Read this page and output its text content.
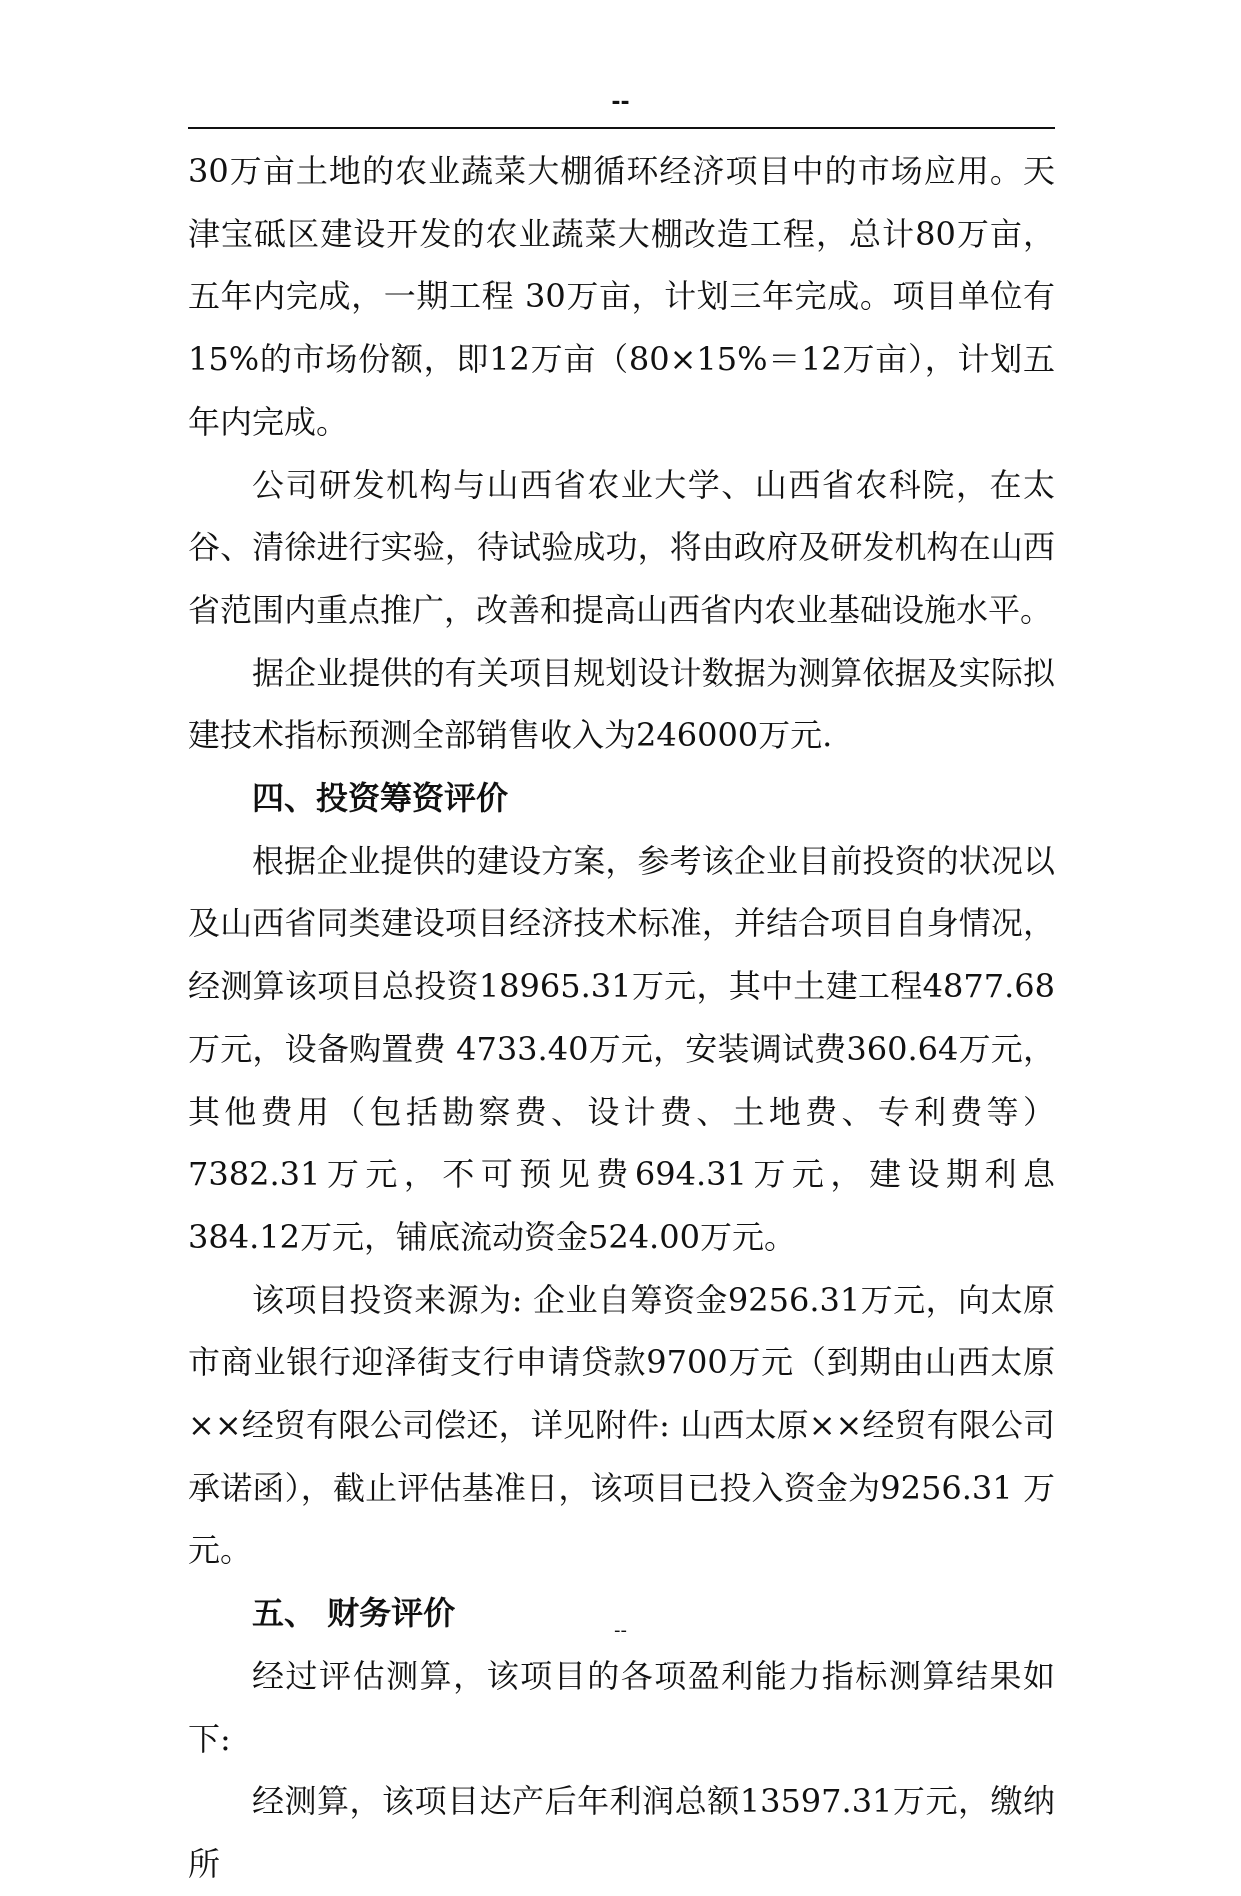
--

30万亩土地的农业蔬菜大棚循环经济项目中的市场应用。天津宝砥区建设开发的农业蔬菜大棚改造工程，总计80万亩，五年内完成，一期工程 30万亩，计划三年完成。项目单位有15%的市场份额，即12万亩（80×15%＝12万亩），计划五年内完成。

公司研发机构与山西省农业大学、山西省农科院，在太谷、清徐进行实验，待试验成功，将由政府及研发机构在山西省范围内重点推广，改善和提高山西省内农业基础设施水平。

据企业提供的有关项目规划设计数据为测算依据及实际拟建技术指标预测全部销售收入为246000万元.

四、投资筹资评价

根据企业提供的建设方案，参考该企业目前投资的状况以及山西省同类建设项目经济技术标准，并结合项目自身情况，经测算该项目总投资18965.31万元，其中土建工程4877.68万元，设备购置费 4733.40万元，安装调试费360.64万元，其他费用（包括勘察费、设计费、土地费、专利费等）7382.31万元，不可预见费694.31万元，建设期利息384.12万元，铺底流动资金524.00万元。

该项目投资来源为: 企业自筹资金9256.31万元，向太原市商业银行迎泽街支行申请贷款9700万元（到期由山西太原××经贸有限公司偿还，详见附件: 山西太原××经贸有限公司承诺函），截止评估基准日，该项目已投入资金为9256.31 万元。

五、 财务评价

经过评估测算，该项目的各项盈利能力指标测算结果如下:

经测算，该项目达产后年利润总额13597.31万元，缴纳所

--
